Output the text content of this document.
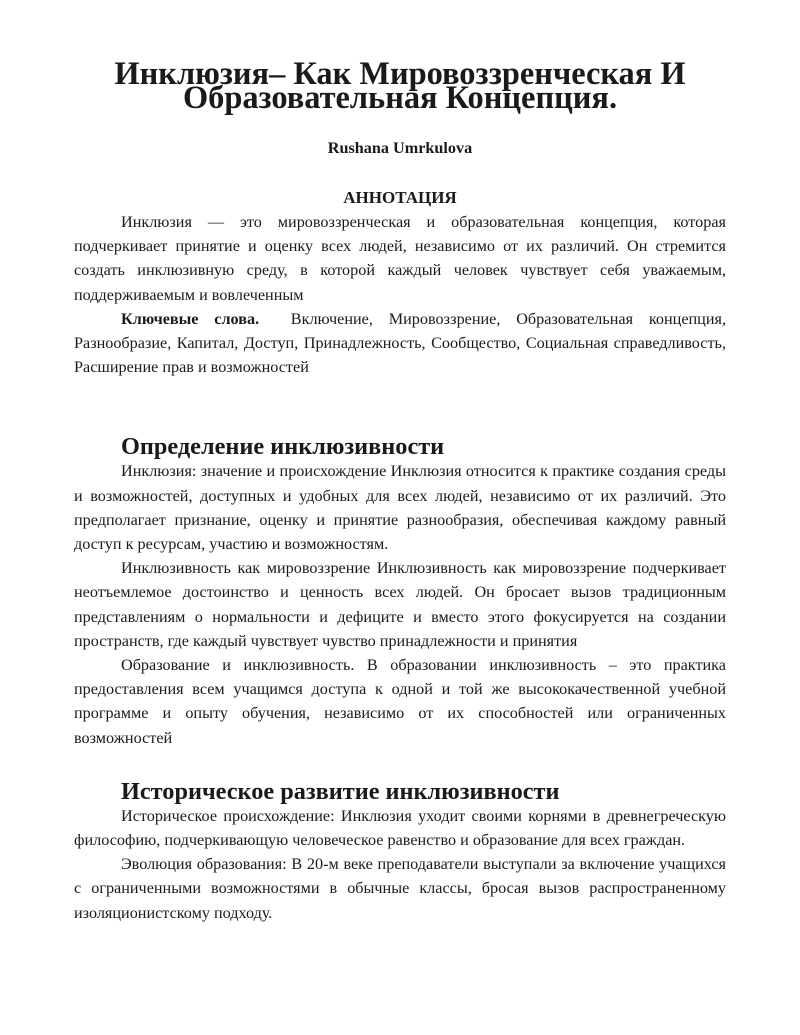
Инклюзия– Как Мировоззренческая И Образовательная Концепция.
Rushana Umrkulova
АННОТАЦИЯ

Инклюзия — это мировоззренческая и образовательная концепция, которая подчеркивает принятие и оценку всех людей, независимо от их различий. Он стремится создать инклюзивную среду, в которой каждый человек чувствует себя уважаемым, поддерживаемым и вовлеченным

Ключевые слова. Включение, Мировоззрение, Образовательная концепция, Разнообразие, Капитал, Доступ, Принадлежность, Сообщество, Социальная справедливость, Расширение прав и возможностей

Определение инклюзивности

Инклюзия: значение и происхождение Инклюзия относится к практике создания среды и возможностей, доступных и удобных для всех людей, независимо от их различий. Это предполагает признание, оценку и принятие разнообразия, обеспечивая каждому равный доступ к ресурсам, участию и возможностям.

Инклюзивность как мировоззрение Инклюзивность как мировоззрение подчеркивает неотъемлемое достоинство и ценность всех людей. Он бросает вызов традиционным представлениям о нормальности и дефиците и вместо этого фокусируется на создании пространств, где каждый чувствует чувство принадлежности и принятия

Образование и инклюзивность. В образовании инклюзивность – это практика предоставления всем учащимся доступа к одной и той же высококачественной учебной программе и опыту обучения, независимо от их способностей или ограниченных возможностей

Историческое развитие инклюзивности

Историческое происхождение: Инклюзия уходит своими корнями в древнегреческую философию, подчеркивающую человеческое равенство и образование для всех граждан.

Эволюция образования: В 20-м веке преподаватели выступали за включение учащихся с ограниченными возможностями в обычные классы, бросая вызов распространенному изоляционистскому подходу.
